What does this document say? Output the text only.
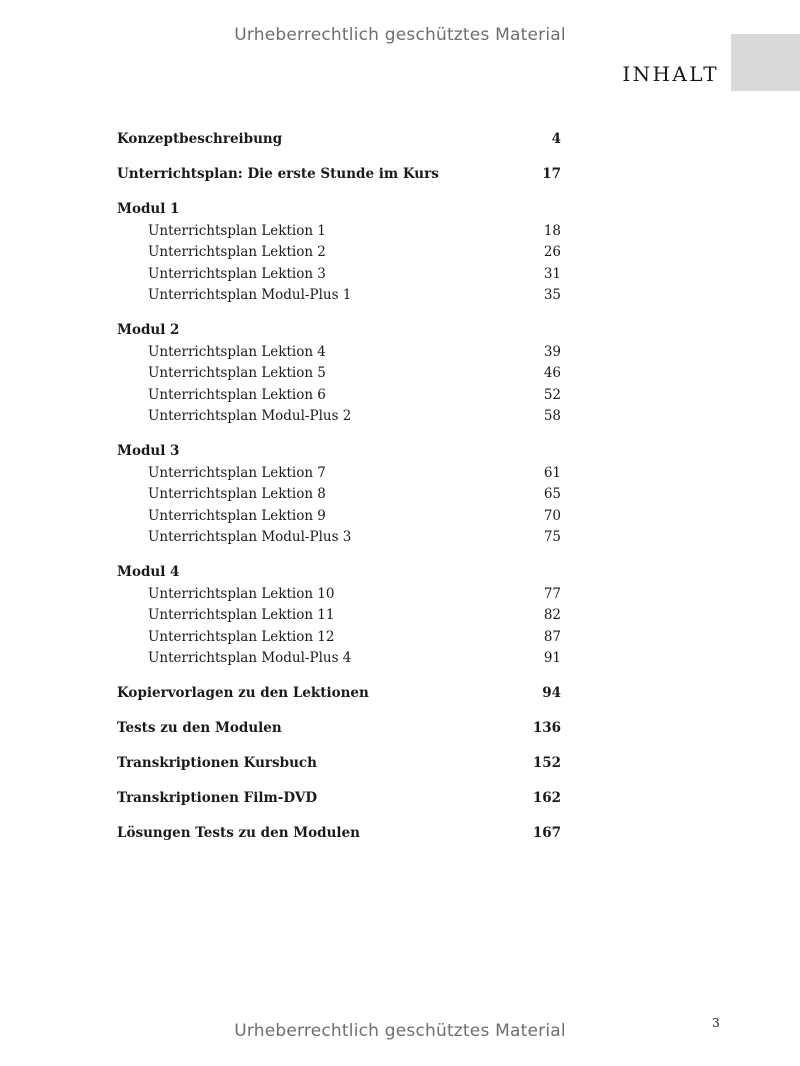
Urheberrechtlich geschütztes Material
INHALT
Konzeptbeschreibung	4
Unterrichtsplan: Die erste Stunde im Kurs	17
Modul 1
Unterrichtsplan Lektion 1	18
Unterrichtsplan Lektion 2	26
Unterrichtsplan Lektion 3	31
Unterrichtsplan Modul-Plus 1	35
Modul 2
Unterrichtsplan Lektion 4	39
Unterrichtsplan Lektion 5	46
Unterrichtsplan Lektion 6	52
Unterrichtsplan Modul-Plus 2	58
Modul 3
Unterrichtsplan Lektion 7	61
Unterrichtsplan Lektion 8	65
Unterrichtsplan Lektion 9	70
Unterrichtsplan Modul-Plus 3	75
Modul 4
Unterrichtsplan Lektion 10	77
Unterrichtsplan Lektion 11	82
Unterrichtsplan Lektion 12	87
Unterrichtsplan Modul-Plus 4	91
Kopiervorlagen zu den Lektionen	94
Tests zu den Modulen	136
Transkriptionen Kursbuch	152
Transkriptionen Film-DVD	162
Lösungen Tests zu den Modulen	167
3
Urheberrechtlich geschütztes Material
